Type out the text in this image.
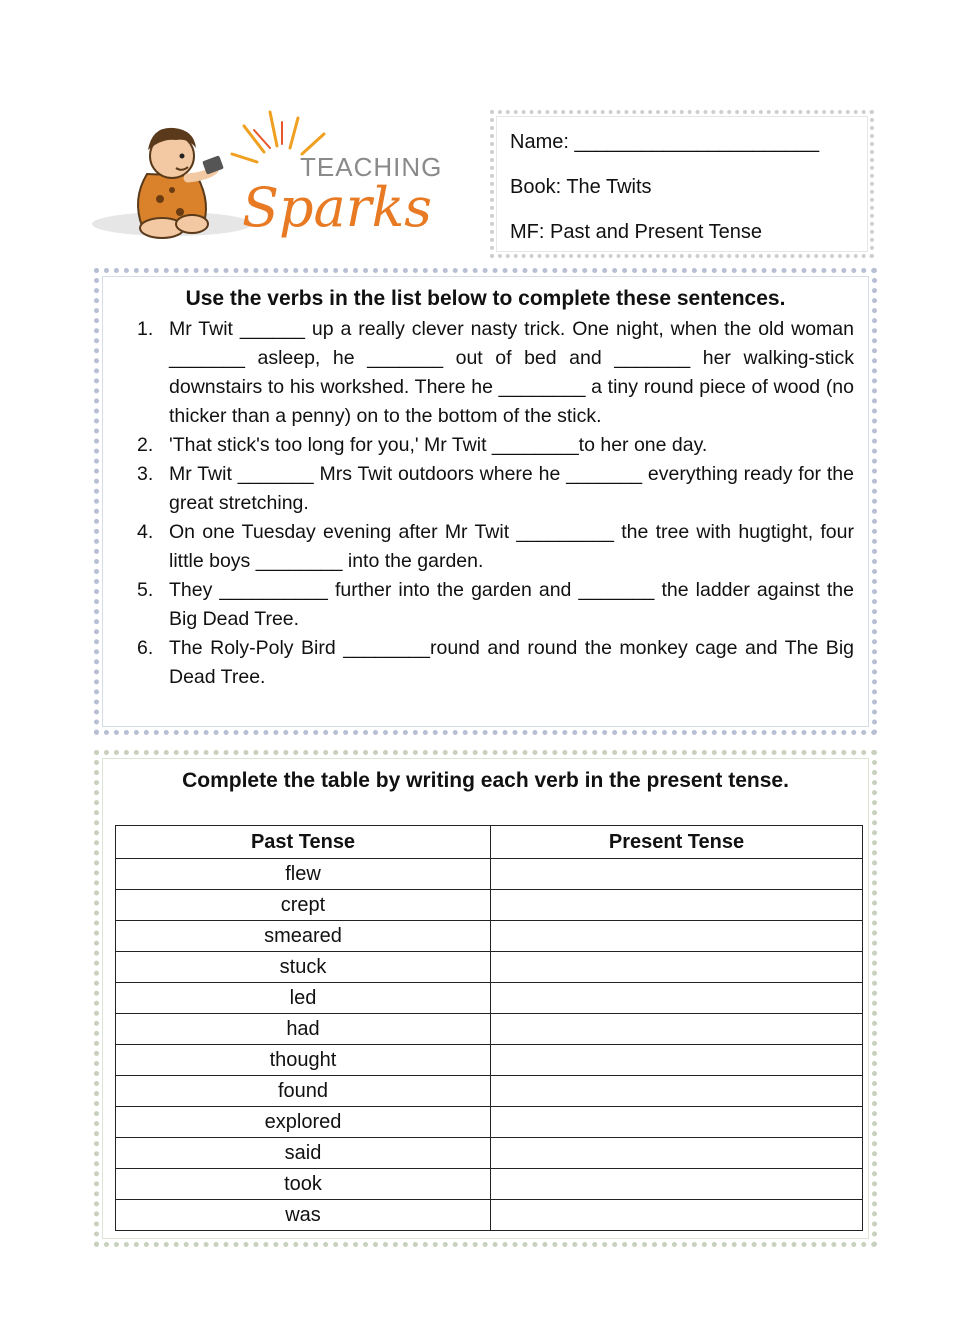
TEACHING
Sparks
Name: ______________________
Book: The Twits
MF: Past and Present Tense
Use the verbs in the list below to complete these sentences.
1. Mr Twit ______ up a really clever nasty trick. One night, when the old woman _______ asleep, he _______ out of bed and _______ her walking-stick downstairs to his workshed. There he ________ a tiny round piece of wood (no thicker than a penny) on to the bottom of the stick.
2. 'That stick's too long for you,' Mr Twit ________to her one day.
3. Mr Twit _______ Mrs Twit outdoors where he _______ everything ready for the great stretching.
4. On one Tuesday evening after Mr Twit _________ the tree with hugtight, four little boys ________ into the garden.
5. They __________ further into the garden and _______ the ladder against the Big Dead Tree.
6. The Roly-Poly Bird ________round and round the monkey cage and The Big Dead Tree.
Complete the table by writing each verb in the present tense.
Past Tense	Present Tense
flew	
crept	
smeared	
stuck	
led	
had	
thought	
found	
explored	
said	
took	
was	
